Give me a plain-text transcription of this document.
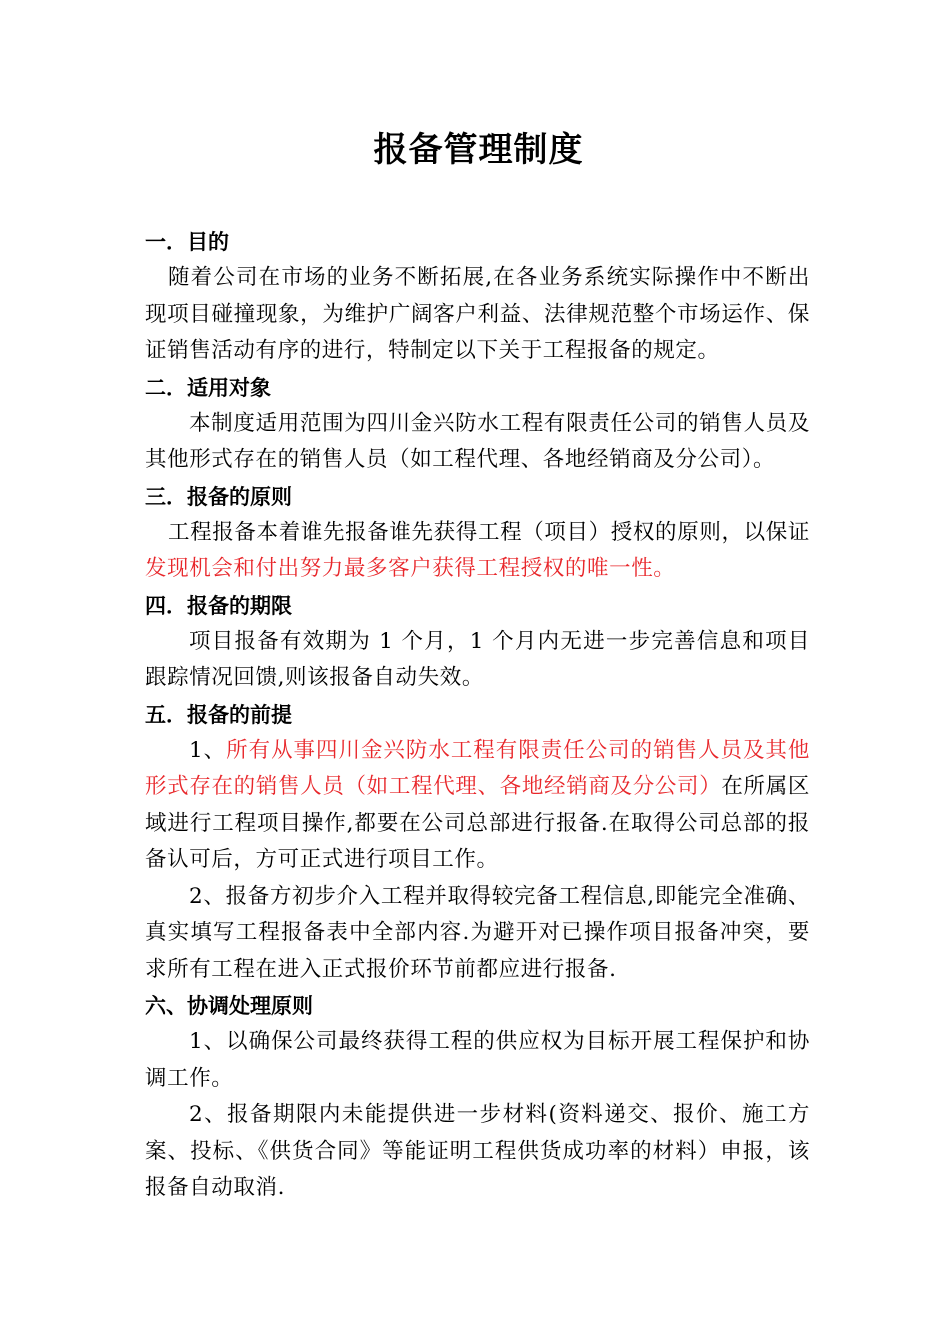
报备管理制度

一．目的

随着公司在市场的业务不断拓展,在各业务系统实际操作中不断出现项目碰撞现象，为维护广阔客户利益、法律规范整个市场运作、保证销售活动有序的进行，特制定以下关于工程报备的规定。

二．适用对象

本制度适用范围为四川金兴防水工程有限责任公司的销售人员及其他形式存在的销售人员（如工程代理、各地经销商及分公司）。

三．报备的原则

工程报备本着谁先报备谁先获得工程（项目）授权的原则，以保证发现机会和付出努力最多客户获得工程授权的唯一性。

四．报备的期限

项目报备有效期为 1 个月，1 个月内无进一步完善信息和项目跟踪情况回馈,则该报备自动失效。

五．报备的前提

1、所有从事四川金兴防水工程有限责任公司的销售人员及其他形式存在的销售人员（如工程代理、各地经销商及分公司）在所属区域进行工程项目操作,都要在公司总部进行报备.在取得公司总部的报备认可后，方可正式进行项目工作。

2、报备方初步介入工程并取得较完备工程信息,即能完全准确、真实填写工程报备表中全部内容.为避开对已操作项目报备冲突，要求所有工程在进入正式报价环节前都应进行报备.

六、协调处理原则

1、以确保公司最终获得工程的供应权为目标开展工程保护和协调工作。

2、报备期限内未能提供进一步材料(资料递交、报价、施工方案、投标、《供货合同》等能证明工程供货成功率的材料）申报，该报备自动取消.
